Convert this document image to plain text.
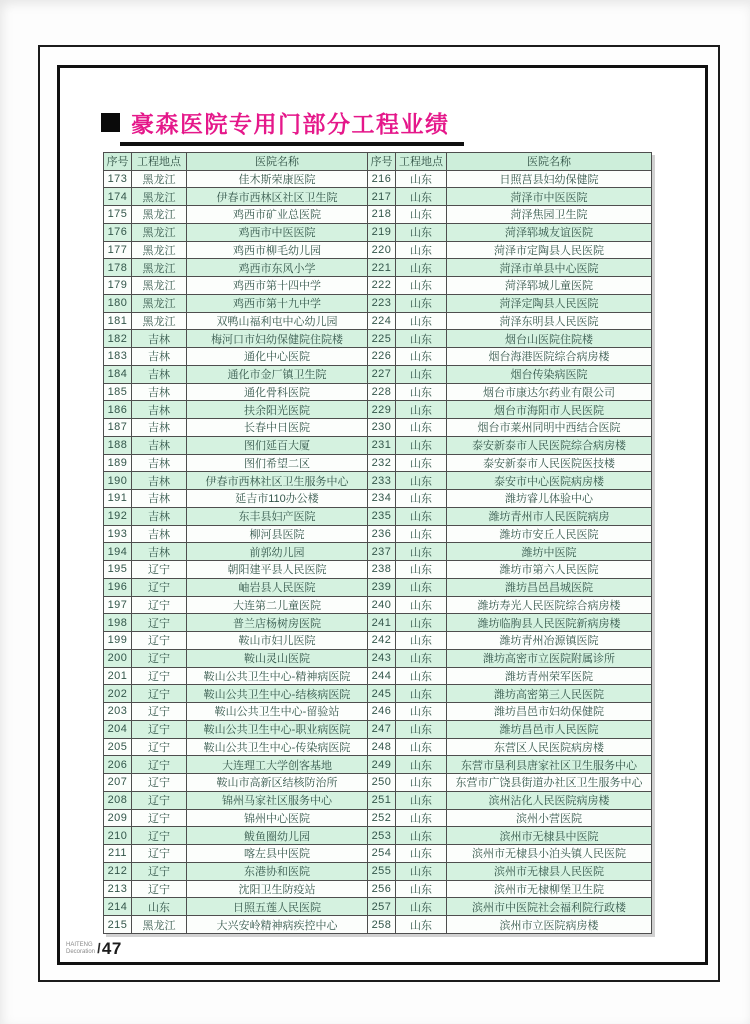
豪森医院专用门部分工程业绩
序号	工程地点	医院名称	序号	工程地点	医院名称
173	黑龙江	佳木斯荣康医院	216	山东	日照莒县妇幼保健院
174	黑龙江	伊春市西林区社区卫生院	217	山东	菏泽市中医医院
175	黑龙江	鸡西市矿业总医院	218	山东	菏泽焦园卫生院
176	黑龙江	鸡西市中医医院	219	山东	菏泽郓城友谊医院
177	黑龙江	鸡西市柳毛幼儿园	220	山东	菏泽市定陶县人民医院
178	黑龙江	鸡西市东风小学	221	山东	菏泽市单县中心医院
179	黑龙江	鸡西市第十四中学	222	山东	菏泽郓城儿童医院
180	黑龙江	鸡西市第十九中学	223	山东	菏泽定陶县人民医院
181	黑龙江	双鸭山福利屯中心幼儿园	224	山东	菏泽东明县人民医院
182	吉林	梅河口市妇幼保健院住院楼	225	山东	烟台山医院住院楼
183	吉林	通化中心医院	226	山东	烟台海港医院综合病房楼
184	吉林	通化市金厂镇卫生院	227	山东	烟台传染病医院
185	吉林	通化骨科医院	228	山东	烟台市康达尔药业有限公司
186	吉林	扶余阳光医院	229	山东	烟台市海阳市人民医院
187	吉林	长春中日医院	230	山东	烟台市莱州同明中西结合医院
188	吉林	图们延百大厦	231	山东	泰安新泰市人民医院综合病房楼
189	吉林	图们希望二区	232	山东	泰安新泰市人民医院医技楼
190	吉林	伊春市西林社区卫生服务中心	233	山东	泰安市中心医院病房楼
191	吉林	延吉市110办公楼	234	山东	潍坊睿儿体验中心
192	吉林	东丰县妇产医院	235	山东	潍坊青州市人民医院病房
193	吉林	柳河县医院	236	山东	潍坊市安丘人民医院
194	吉林	前郭幼儿园	237	山东	潍坊中医院
195	辽宁	朝阳建平县人民医院	238	山东	潍坊市第六人民医院
196	辽宁	岫岩县人民医院	239	山东	潍坊昌邑昌城医院
197	辽宁	大连第二儿童医院	240	山东	潍坊寿光人民医院综合病房楼
198	辽宁	普兰店杨树房医院	241	山东	潍坊临朐县人民医院新病房楼
199	辽宁	鞍山市妇儿医院	242	山东	潍坊青州冶源镇医院
200	辽宁	鞍山灵山医院	243	山东	潍坊高密市立医院附属诊所
201	辽宁	鞍山公共卫生中心-精神病医院	244	山东	潍坊青州荣军医院
202	辽宁	鞍山公共卫生中心-结核病医院	245	山东	潍坊高密第三人民医院
203	辽宁	鞍山公共卫生中心-留验站	246	山东	潍坊昌邑市妇幼保健院
204	辽宁	鞍山公共卫生中心-职业病医院	247	山东	潍坊昌邑市人民医院
205	辽宁	鞍山公共卫生中心-传染病医院	248	山东	东营区人民医院病房楼
206	辽宁	大连理工大学创客基地	249	山东	东营市垦利县唐家社区卫生服务中心
207	辽宁	鞍山市高新区结核防治所	250	山东	东营市广饶县街道办社区卫生服务中心
208	辽宁	锦州马家社区服务中心	251	山东	滨州沾化人民医院病房楼
209	辽宁	锦州中心医院	252	山东	滨州小营医院
210	辽宁	鲅鱼圈幼儿园	253	山东	滨州市无棣县中医院
211	辽宁	喀左县中医院	254	山东	滨州市无棣县小泊头镇人民医院
212	辽宁	东港协和医院	255	山东	滨州市无棣县人民医院
213	辽宁	沈阳卫生防疫站	256	山东	滨州市无棣柳堡卫生院
214	山东	日照五莲人民医院	257	山东	滨州市中医院社会福利院行政楼
215	黑龙江	大兴安岭精神病疾控中心	258	山东	滨州市立医院病房楼
HAITENG
Decoration \
47
